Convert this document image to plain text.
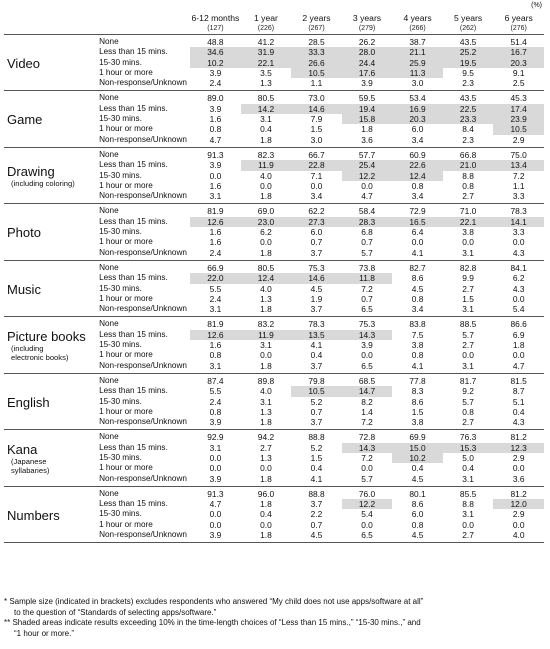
(%)
		6-12 months	1 year	2 years	3 years	4 years	5 years	6 years
		(127)	(226)	(267)	(279)	(266)	(262)	(276)

Video	None	48.8	41.2	28.5	26.2	38.7	43.5	51.4
	Less than 15 mins.	34.6	31.9	33.3	28.0	21.1	25.2	16.7
	15-30 mins.	10.2	22.1	26.6	24.4	25.9	19.5	20.3
	1 hour or more	3.9	3.5	10.5	17.6	11.3	9.5	9.1
	Non-response/Unknown	2.4	1.3	1.1	3.9	3.0	2.3	2.5

Game	None	89.0	80.5	73.0	59.5	53.4	43.5	45.3
	Less than 15 mins.	3.9	14.2	14.6	19.4	16.9	22.5	17.4
	15-30 mins.	1.6	3.1	7.9	15.8	20.3	23.3	23.9
	1 hour or more	0.8	0.4	1.5	1.8	6.0	8.4	10.5
	Non-response/Unknown	4.7	1.8	3.0	3.6	3.4	2.3	2.9

Drawing
(including coloring)	None	91.3	82.3	66.7	57.7	60.9	66.8	75.0
	Less than 15 mins.	3.9	11.9	22.8	25.4	22.6	21.0	13.4
	15-30 mins.	0.0	4.0	7.1	12.2	12.4	8.8	7.2
	1 hour or more	1.6	0.0	0.0	0.0	0.8	0.8	1.1
	Non-response/Unknown	3.1	1.8	3.4	4.7	3.4	2.7	3.3

Photo	None	81.9	69.0	62.2	58.4	72.9	71.0	78.3
	Less than 15 mins.	12.6	23.0	27.3	28.3	16.5	22.1	14.1
	15-30 mins.	1.6	6.2	6.0	6.8	6.4	3.8	3.3
	1 hour or more	1.6	0.0	0.7	0.7	0.0	0.0	0.0
	Non-response/Unknown	2.4	1.8	3.7	5.7	4.1	3.1	4.3

Music	None	66.9	80.5	75.3	73.8	82.7	82.8	84.1
	Less than 15 mins.	22.0	12.4	14.6	11.8	8.6	9.9	6.2
	15-30 mins.	5.5	4.0	4.5	7.2	4.5	2.7	4.3
	1 hour or more	2.4	1.3	1.9	0.7	0.8	1.5	0.0
	Non-response/Unknown	3.1	1.8	3.7	6.5	3.4	3.1	5.4

Picture books
(including
electronic books)	None	81.9	83.2	78.3	75.3	83.8	88.5	86.6
	Less than 15 mins.	12.6	11.9	13.5	14.3	7.5	5.7	6.9
	15-30 mins.	1.6	3.1	4.1	3.9	3.8	2.7	1.8
	1 hour or more	0.8	0.0	0.4	0.0	0.8	0.0	0.0
	Non-response/Unknown	3.1	1.8	3.7	6.5	4.1	3.1	4.7

English	None	87.4	89.8	79.8	68.5	77.8	81.7	81.5
	Less than 15 mins.	5.5	4.0	10.5	14.7	8.3	9.2	8.7
	15-30 mins.	2.4	3.1	5.2	8.2	8.6	5.7	5.1
	1 hour or more	0.8	1.3	0.7	1.4	1.5	0.8	0.4
	Non-response/Unknown	3.9	1.8	3.7	7.2	3.8	2.7	4.3

Kana
(Japanese
syllabaries)	None	92.9	94.2	88.8	72.8	69.9	76.3	81.2
	Less than 15 mins.	3.1	2.7	5.2	14.3	15.0	15.3	12.3
	15-30 mins.	0.0	1.3	1.5	7.2	10.2	5.0	2.9
	1 hour or more	0.0	0.0	0.4	0.0	0.4	0.4	0.0
	Non-response/Unknown	3.9	1.8	4.1	5.7	4.5	3.1	3.6

Numbers	None	91.3	96.0	88.8	76.0	80.1	85.5	81.2
	Less than 15 mins.	4.7	1.8	3.7	12.2	8.6	8.8	12.0
	15-30 mins.	0.0	0.4	2.2	5.4	6.0	3.1	2.9
	1 hour or more	0.0	0.0	0.7	0.0	0.8	0.0	0.0
	Non-response/Unknown	3.9	1.8	4.5	6.5	4.5	2.7	4.0
* Sample size (indicated in brackets) excludes respondents who answered “My child does not use apps/software at all”
to the question of “Standards of selecting apps/software.”
** Shaded areas indicate results exceeding 10% in the time-length choices of “Less than 15 mins.,” “15-30 mins.,” and
“1 hour or more.”
